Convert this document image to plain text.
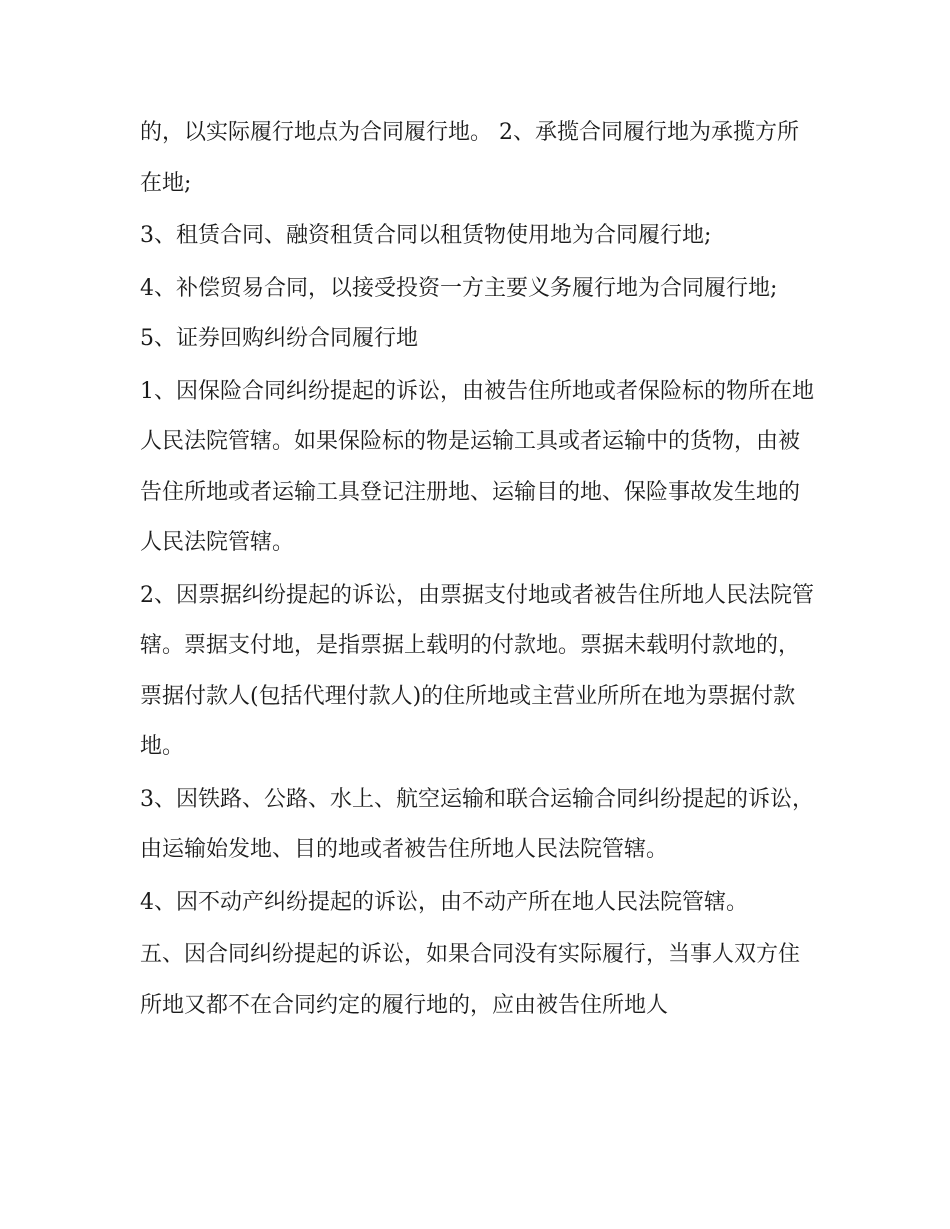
的，以实际履行地点为合同履行地。 2、承揽合同履行地为承揽方所在地;

3、租赁合同、融资租赁合同以租赁物使用地为合同履行地;

4、补偿贸易合同，以接受投资一方主要义务履行地为合同履行地; 5、证券回购纠纷合同履行地

1、因保险合同纠纷提起的诉讼，由被告住所地或者保险标的物所在地人民法院管辖。如果保险标的物是运输工具或者运输中的货物，由被告住所地或者运输工具登记注册地、运输目的地、保险事故发生地的人民法院管辖。

2、因票据纠纷提起的诉讼，由票据支付地或者被告住所地人民法院管辖。票据支付地，是指票据上载明的付款地。票据未载明付款地的，票据付款人(包括代理付款人)的住所地或主营业所所在地为票据付款地。

3、因铁路、公路、水上、航空运输和联合运输合同纠纷提起的诉讼，由运输始发地、目的地或者被告住所地人民法院管辖。

4、因不动产纠纷提起的诉讼，由不动产所在地人民法院管辖。

五、因合同纠纷提起的诉讼，如果合同没有实际履行，当事人双方住所地又都不在合同约定的履行地的，应由被告住所地人
